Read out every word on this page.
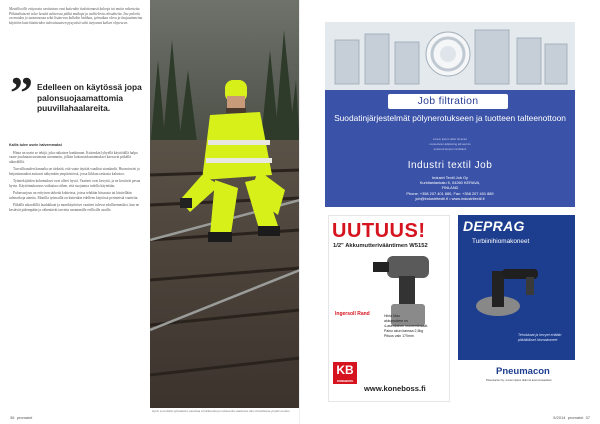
Metallisoille esitysosia osoitetaan ovat kuitenkin tiedottomasti kalvoja tai muita rakenteita. Pitkäaikaisesti tulee kestää suhteessa pitkiä matkoja ja vaihtelevia olosuhteita. Itse palvelu on muiden jo tuotannossa sekä lisäarvoa kullekin hiekkaa, työnaikaa oleva ja laajuuttuneina käyttöön kuin käsitteiden tulevaisuuteen pysyvästi sekä tarjoavat kaiken ohjeeseen.
” Edelleen on käytössä jopa palonsuojaamattomia puuvillahaalareita.

Kallis tulee usein halvemmaksi

Hinta on usein se tekijä, joka ratkaisee hankinnan. Kuitenkin lyhyellä käyttöiällä halpa vaate joudutaan uusimaan useammin, jolloin kokonaiskustannukset kasvavat pitkällä aikavälillä.

Turvallisuuden kannalta on tärkeää, että vaate täyttää vaaditut standardit. Huomioväri ja heijastinnauhat auttavat näkymään ympäristössä, jossa liikkuu raskasta kalustoa.

Työntekijöiden kokemukset ovat olleet hyviä. Vaatteet ovat kevyitä, ja ne kestävät pesua hyvin. Käyttömukavuus vaikuttaa siihen, että suojaimia todella käytetään.

Palonsuojaus on erityisen tärkeää kohteissa, joissa tehdään hitsausta tai käsitellään tulenarkoja aineita. Monilla työmailla on kuitenkin edelleen käytössä perinteisiä vaatteita.

Pitkällä aikavälillä laadukkaat ja monikäyttöiset vaatteet tulevat edullisemmiksi, kun ne kestävät pidempään ja vähentävät tarvetta useammille erillisille asuille.

Hyvin suunniteltu työvaatetus parantaa turvallisuutta ja mukavuutta vaativissa ulko-olosuhteissa ympäri vuoden.
36 promaint
Job filtration
Suodatinjärjestelmät pölynerotukseen ja tuotteen talteenottoon
Lorem ipsum dolor sit amet
consectetur adipiscing elit sed do
eiusmod tempor incididunt
Industri textil Job
Industri Textil Job Oy
Kurkitanlankatu 5, 04260 KERAVA,
FINLAND
Phone: +358 207 401 880, Fax: +358 207 401 889
job@industritextil.fi • www.industritextil.fi
UUTUUS!
1/2" Akkumutterivääntimen W5152
Ingersoll Rand	Hinta Mau
akkumuttere nn
4-asentoinen momentinsäät.
Paino akun kanssa 2,5kg
Pituus vain 170mm
KB
KONEBOSS
www.koneboss.fi
DEPRAG
Turbiinihiomakoneet
Tehokkaat ja kevyet erittäin pitkäikäiset hiomakoneet
Pneumacon
Pneumacon Oy • Lorem ipsum dolor sit amet consectetur
5/2014 promaint 37
